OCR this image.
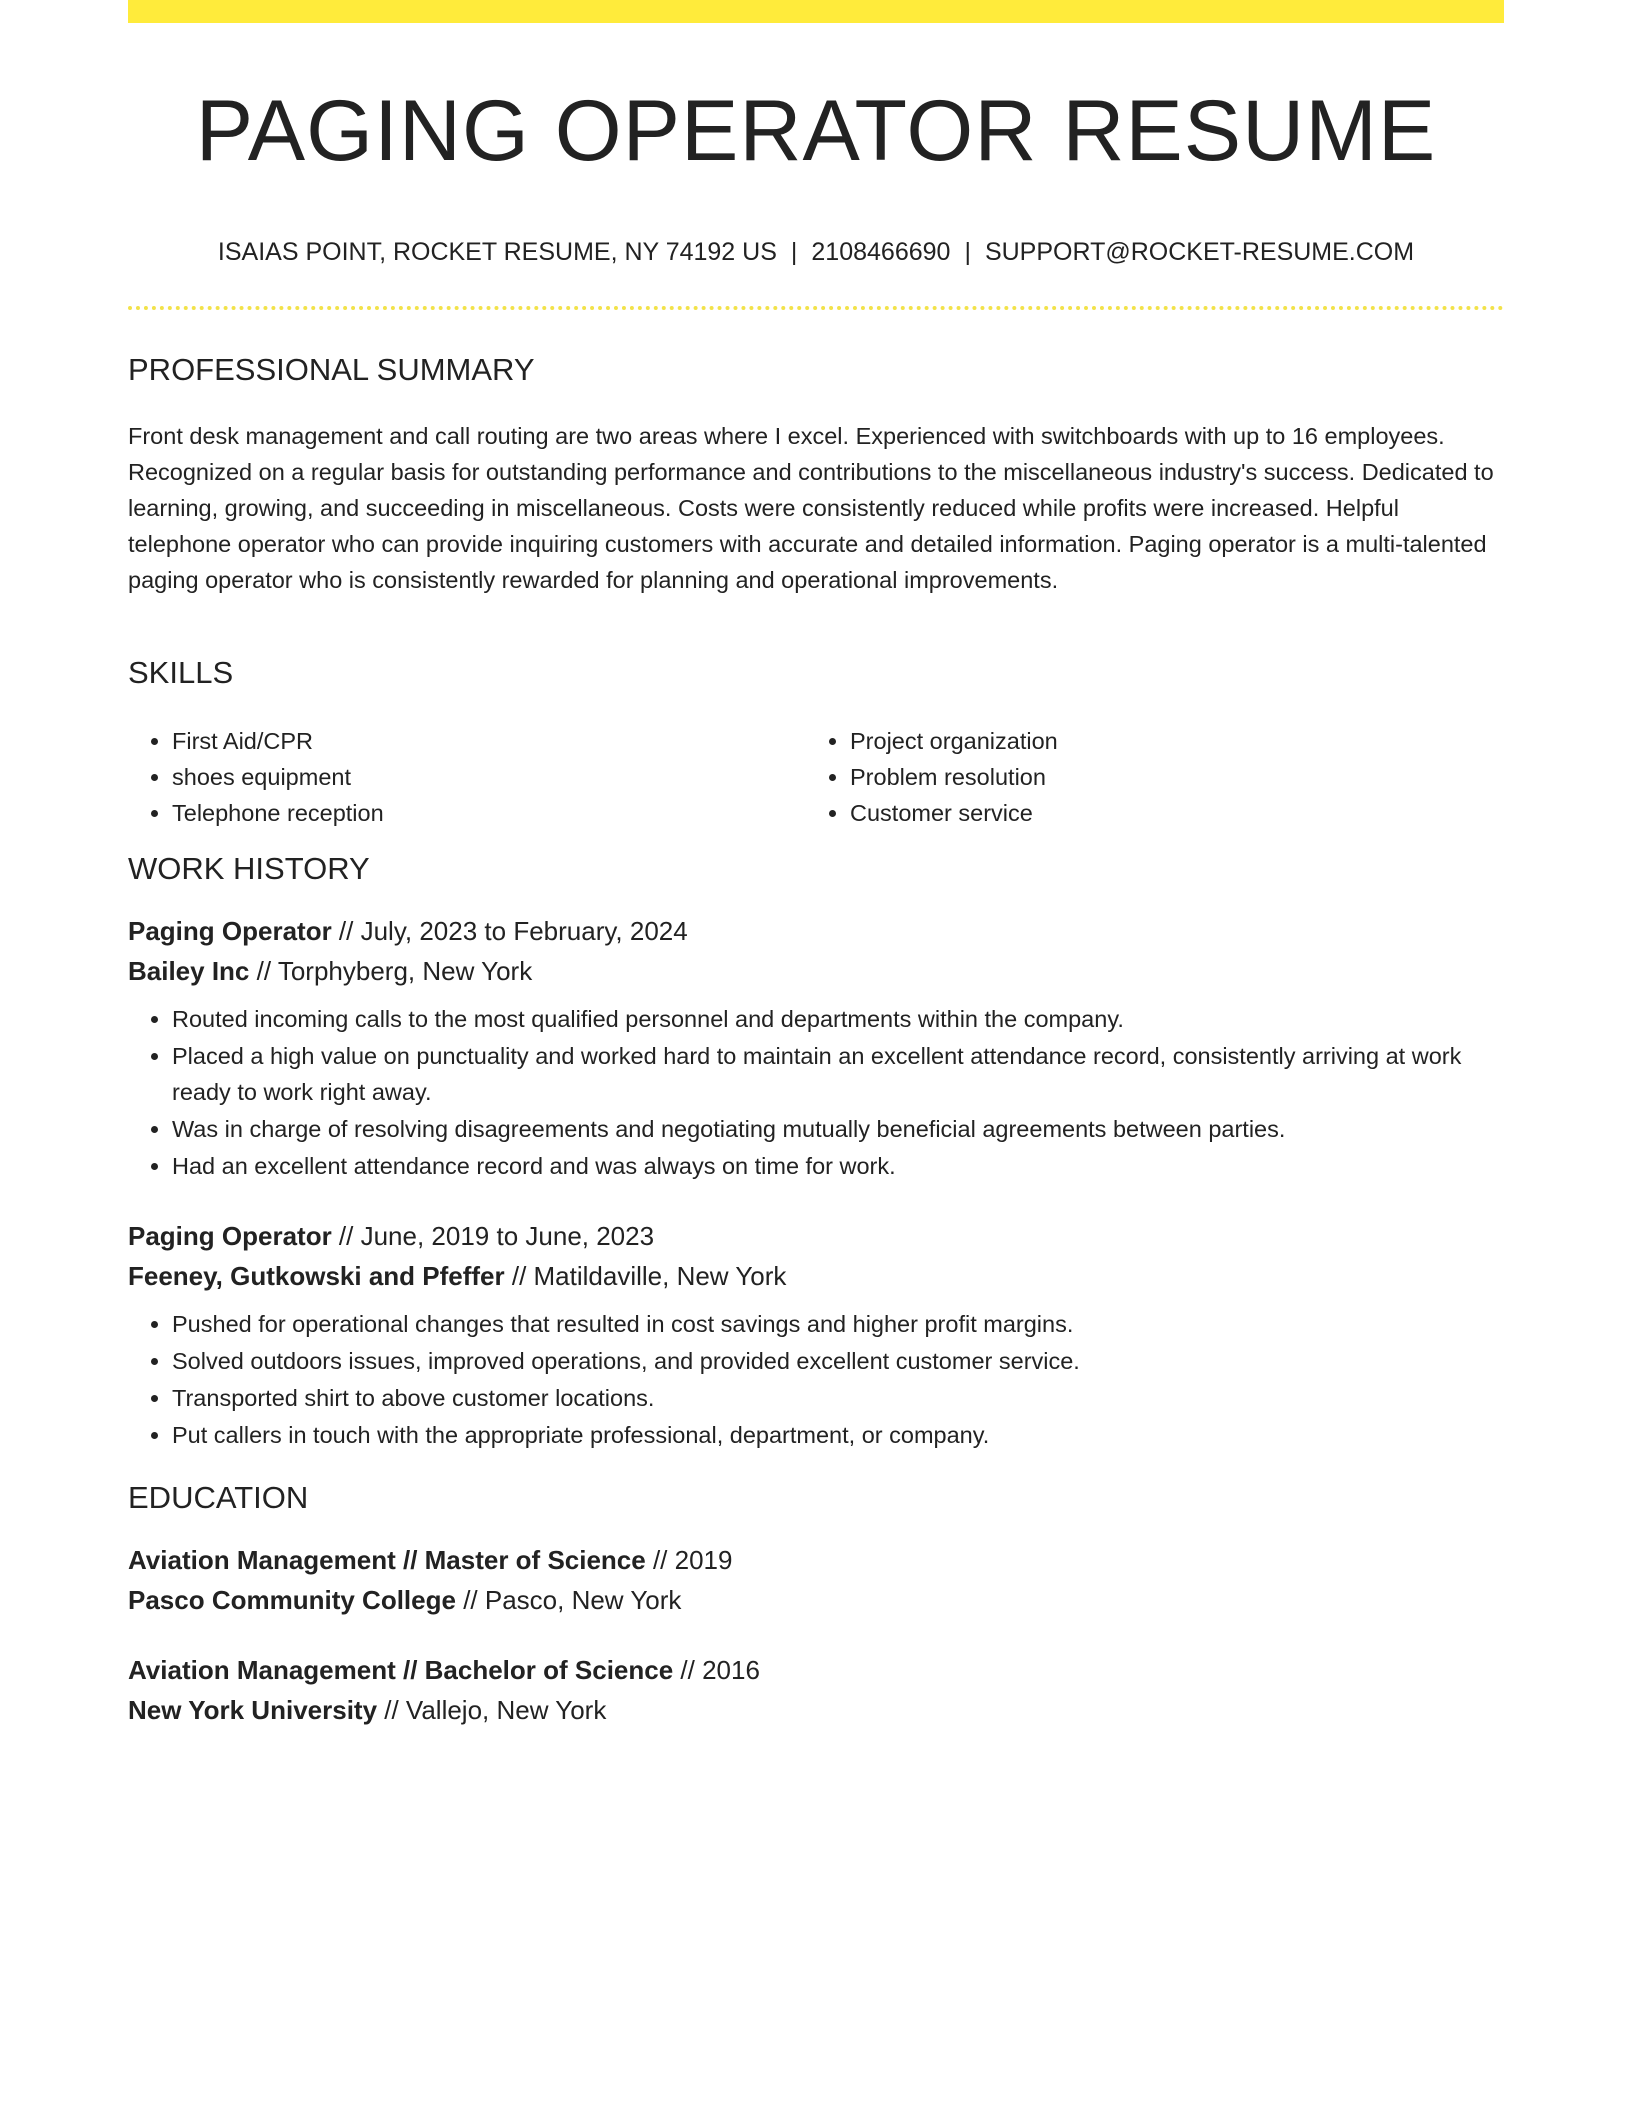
PAGING OPERATOR RESUME
ISAIAS POINT, ROCKET RESUME, NY 74192 US | 2108466690 | SUPPORT@ROCKET-RESUME.COM
PROFESSIONAL SUMMARY

Front desk management and call routing are two areas where I excel. Experienced with switchboards with up to 16 employees. Recognized on a regular basis for outstanding performance and contributions to the miscellaneous industry's success. Dedicated to learning, growing, and succeeding in miscellaneous. Costs were consistently reduced while profits were increased. Helpful telephone operator who can provide inquiring customers with accurate and detailed information. Paging operator is a multi-talented paging operator who is consistently rewarded for planning and operational improvements.

SKILLS
• First Aid/CPR
• shoes equipment
• Telephone reception
• Project organization
• Problem resolution
• Customer service
WORK HISTORY
Paging Operator // July, 2023 to February, 2024
Bailey Inc // Torphyberg, New York
• Routed incoming calls to the most qualified personnel and departments within the company.
• Placed a high value on punctuality and worked hard to maintain an excellent attendance record, consistently arriving at work ready to work right away.
• Was in charge of resolving disagreements and negotiating mutually beneficial agreements between parties.
• Had an excellent attendance record and was always on time for work.
Paging Operator // June, 2019 to June, 2023
Feeney, Gutkowski and Pfeffer // Matildaville, New York
• Pushed for operational changes that resulted in cost savings and higher profit margins.
• Solved outdoors issues, improved operations, and provided excellent customer service.
• Transported shirt to above customer locations.
• Put callers in touch with the appropriate professional, department, or company.
EDUCATION
Aviation Management // Master of Science // 2019
Pasco Community College // Pasco, New York
Aviation Management // Bachelor of Science // 2016
New York University // Vallejo, New York
